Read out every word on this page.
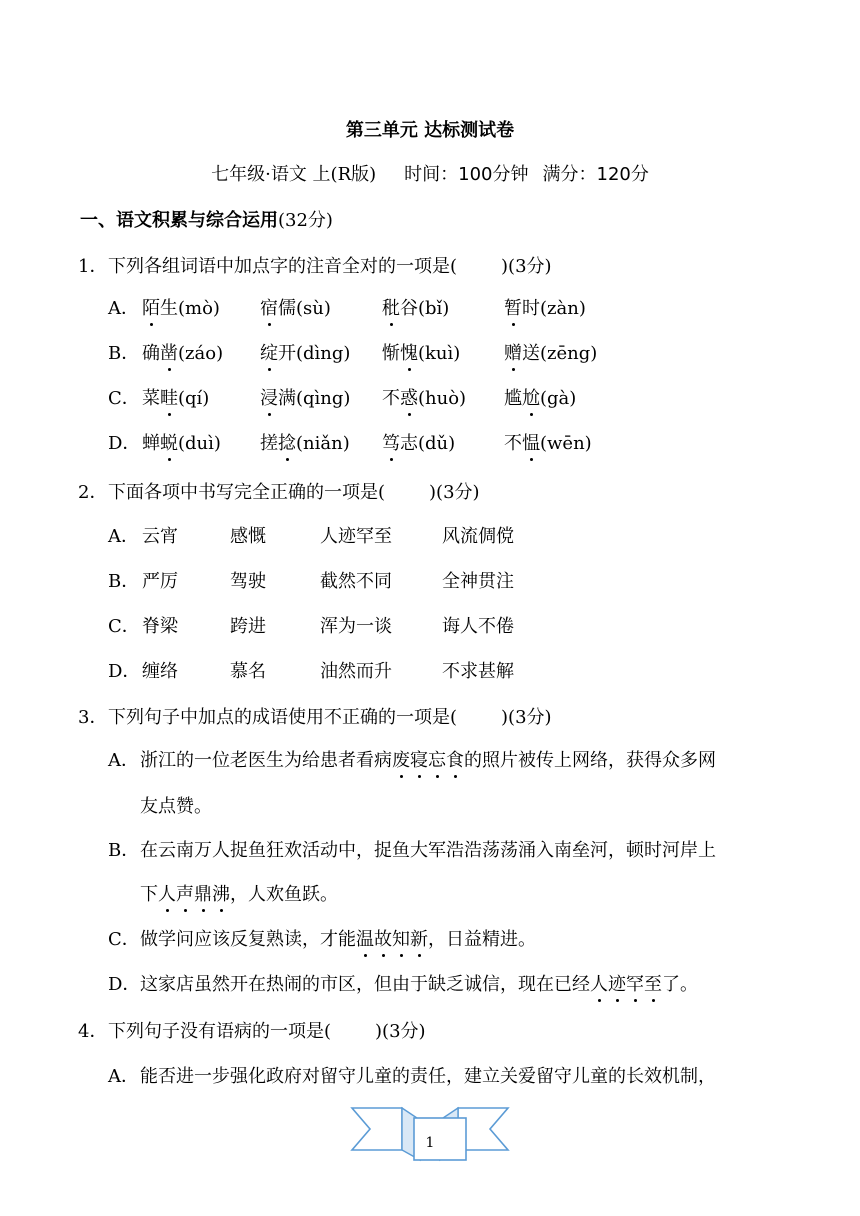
第三单元 达标测试卷
七年级·语文 上(R版) 时间：100分钟 满分：120分
一、语文积累与综合运用(32分)
1．下列各组词语中加点字的注音全对的一项是( )(3分)
A． 陌生(mò) 宿儒(sù)	秕谷(bǐ)	暂时(zàn)
B． 确凿(záo) 绽开(dìng) 惭愧(kuì) 赠送(zēng)
C． 菜畦(qí)	浸满(qìng) 不惑(huò) 尴尬(gà)
D． 蝉蜕(duì) 搓捻(niǎn) 笃志(dǔ)	不愠(wēn)
2．下面各项中书写完全正确的一项是( )(3分)
A． 云宵	感慨	人迹罕至	风流倜傥
B． 严厉	驾驶	截然不同	全神贯注
C． 脊梁	跨进	浑为一谈	诲人不倦
D． 缠络	慕名	油然而升	不求甚解
3．下列句子中加点的成语使用不正确的一项是( )(3分)
A．浙江的一位老医生为给患者看病废寝忘食的照片被传上网络，获得众多网
友点赞。
B．在云南万人捉鱼狂欢活动中，捉鱼大军浩浩荡荡涌入南垒河，顿时河岸上
下人声鼎沸，人欢鱼跃。
C．做学问应该反复熟读，才能温故知新，日益精进。
D．这家店虽然开在热闹的市区，但由于缺乏诚信，现在已经人迹罕至了。
4．下列句子没有语病的一项是( )(3分)
A．能否进一步强化政府对留守儿童的责任，建立关爱留守儿童的长效机制，
1
